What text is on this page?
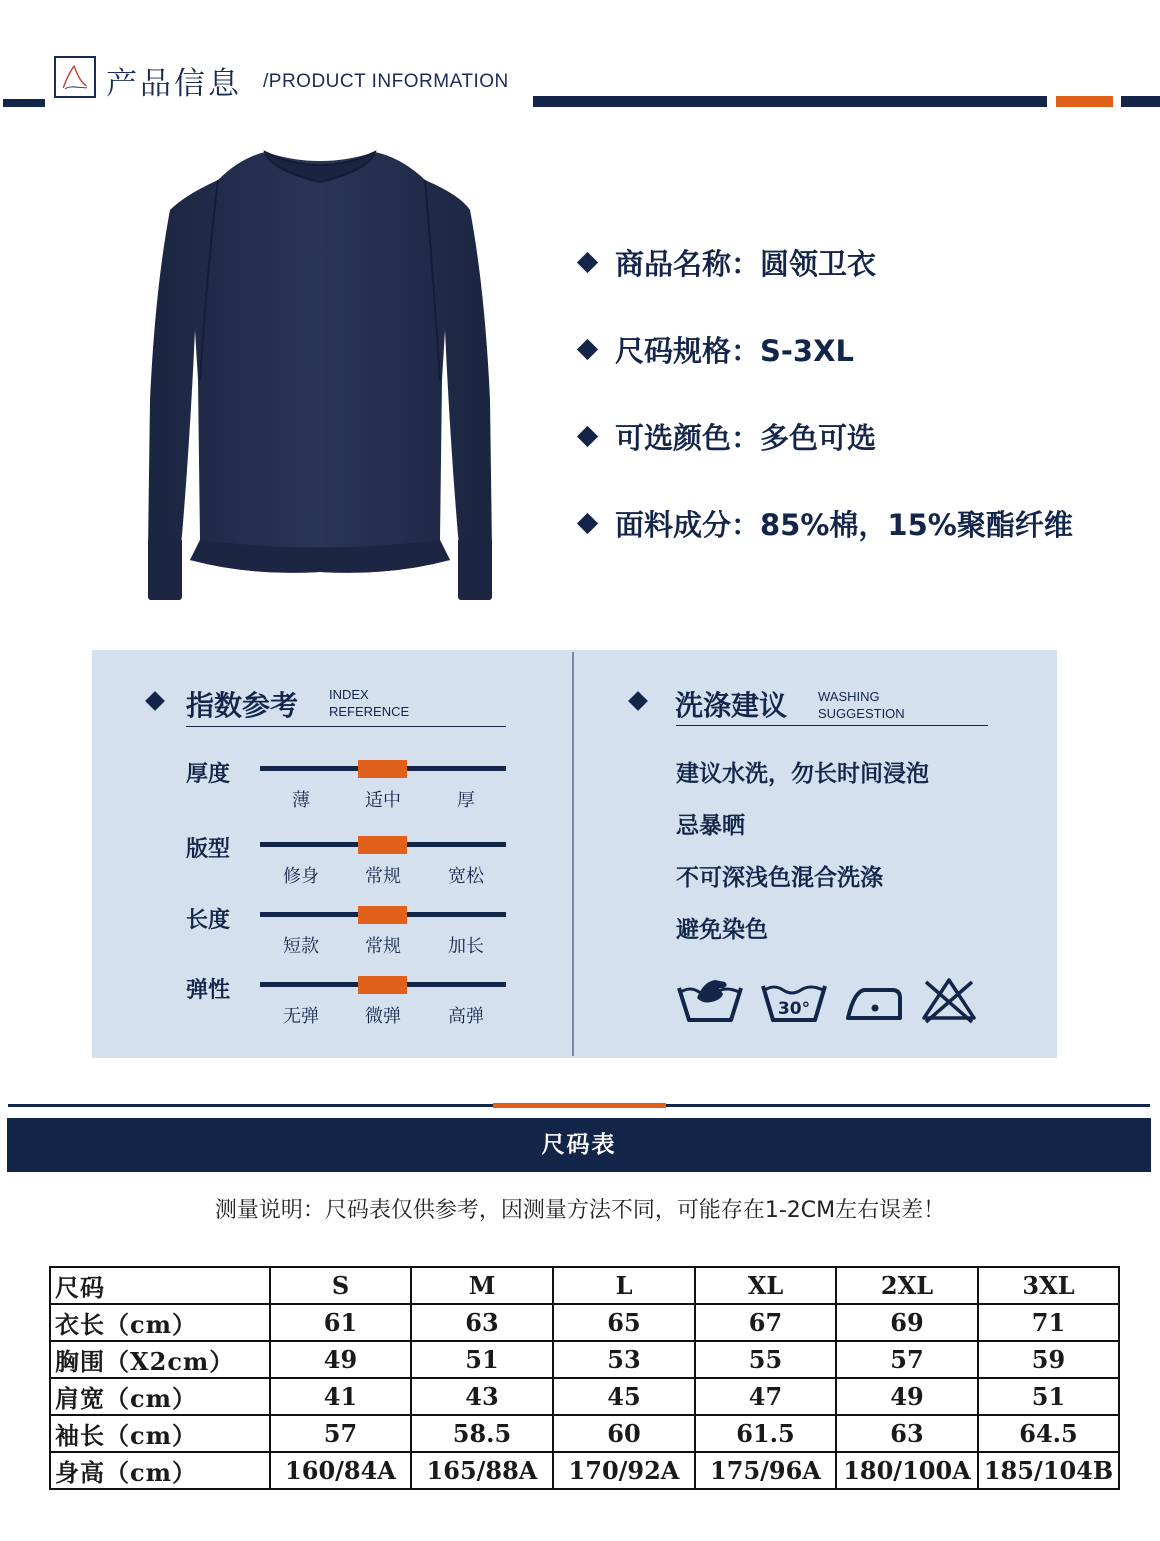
产品信息 /PRODUCT INFORMATION
商品名称：圆领卫衣
尺码规格：S-3XL
可选颜色：多色可选
面料成分：85%棉，15%聚酯纤维
指数参考 INDEX
REFERENCE
厚度
薄	适中	厚
版型
修身	常规	宽松
长度
短款	常规	加长
弹性
无弹	微弹	高弹
洗涤建议 WASHING
SUGGESTION
建议水洗，勿长时间浸泡
忌暴晒
不可深浅色混合洗涤
避免染色
30°
尺码表
测量说明：尺码表仅供参考，因测量方法不同，可能存在1-2CM左右误差！
尺码	S	M	L	XL	2XL	3XL
衣长（cm）	61	63	65	67	69	71
胸围（X2cm）	49	51	53	55	57	59
肩宽（cm）	41	43	45	47	49	51
袖长（cm）	57	58.5	60	61.5	63	64.5
身高（cm）	160/84A	165/88A	170/92A	175/96A	180/100A	185/104B
